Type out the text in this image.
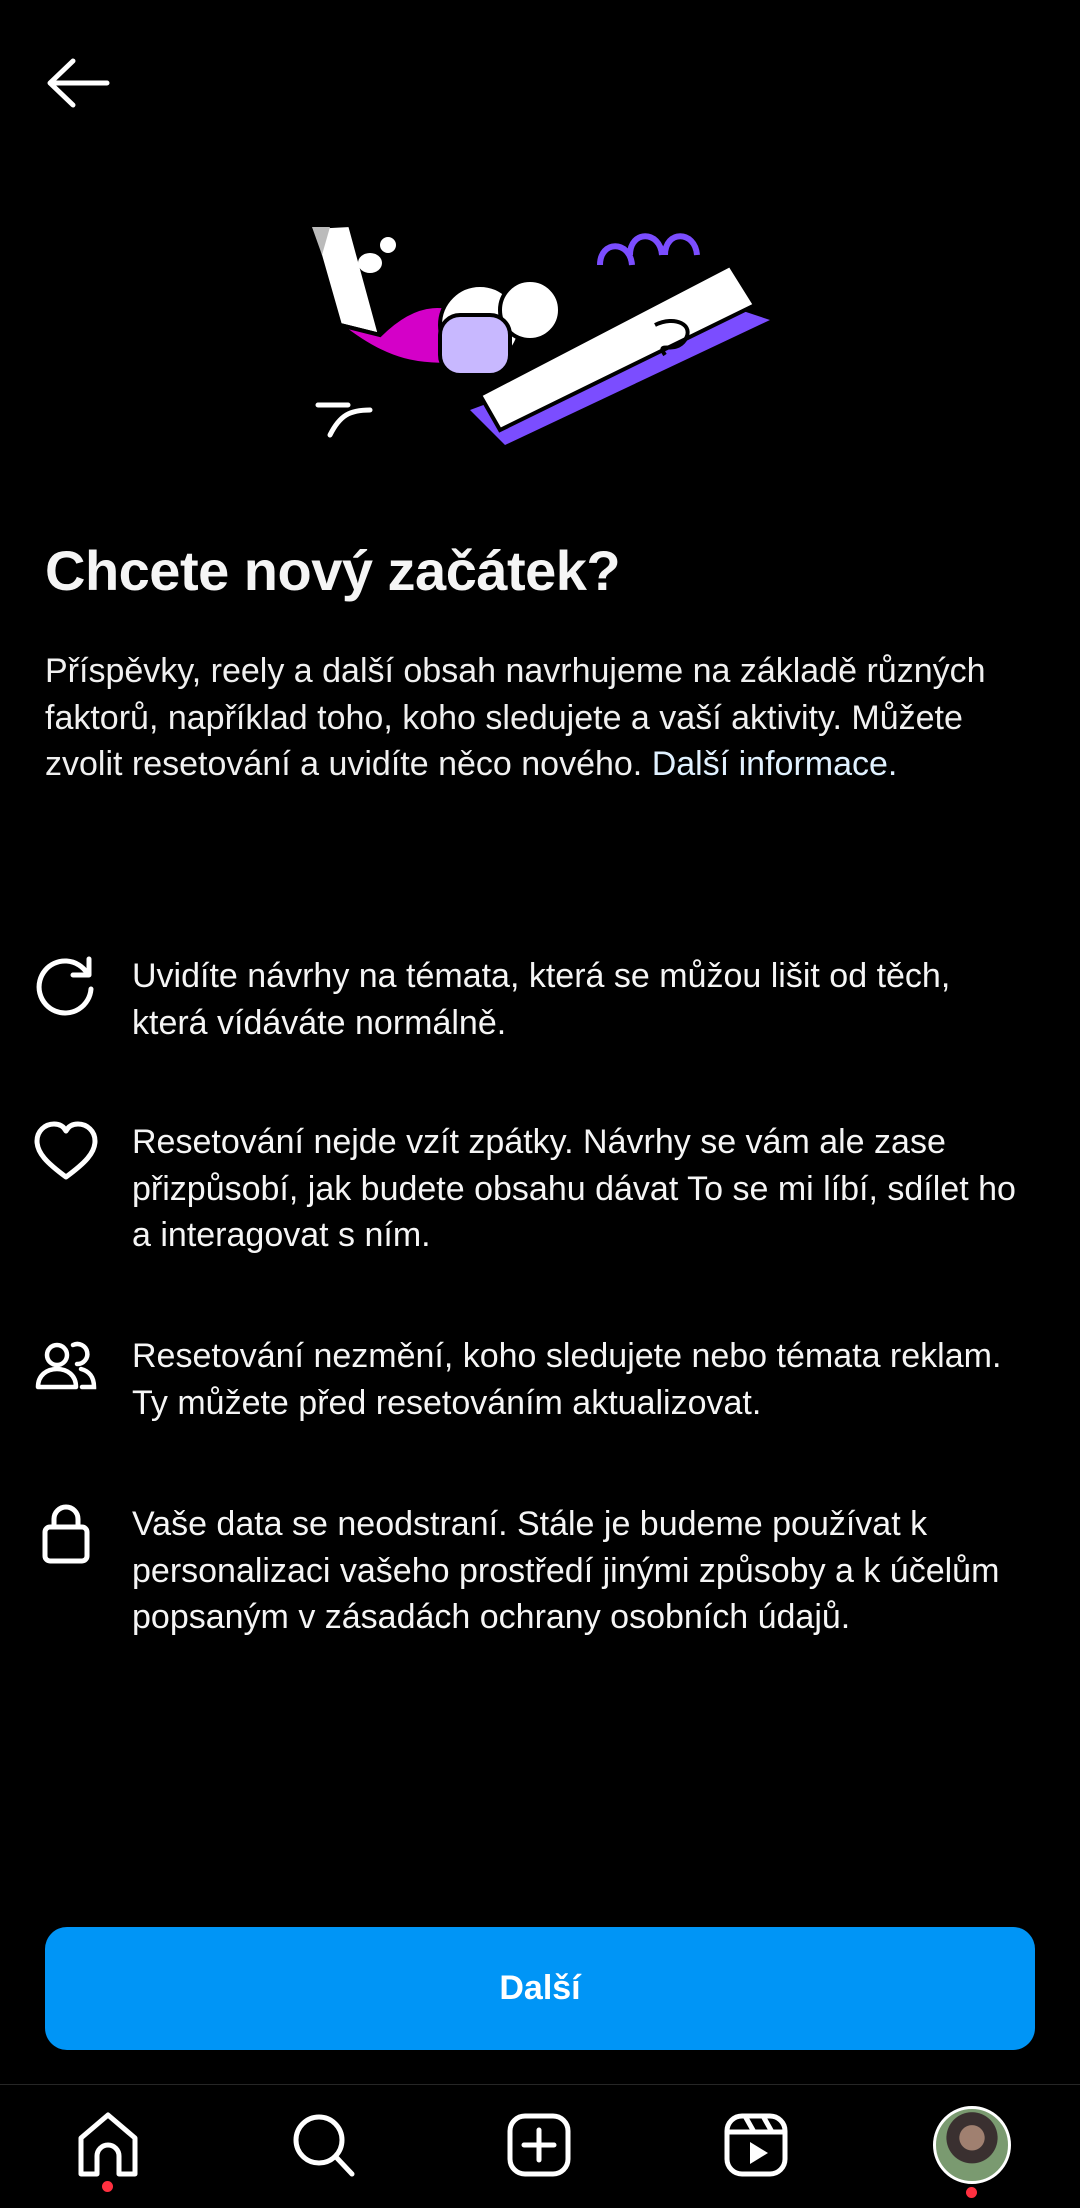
Chcete nový začátek?
Příspěvky, reely a další obsah navrhujeme na základě různých faktorů, například toho, koho sledujete a vaší aktivity. Můžete zvolit resetování a uvidíte něco nového. Další informace.
Uvidíte návrhy na témata, která se můžou lišit od těch, která vídáváte normálně.
Resetování nejde vzít zpátky. Návrhy se vám ale zase přizpůsobí, jak budete obsahu dávat To se mi líbí, sdílet ho a interagovat s ním.
Resetování nezmění, koho sledujete nebo témata reklam. Ty můžete před resetováním aktualizovat.
Vaše data se neodstraní. Stále je budeme používat k personalizaci vašeho prostředí jinými způsoby a k účelům popsaným v zásadách ochrany osobních údajů.
Další
